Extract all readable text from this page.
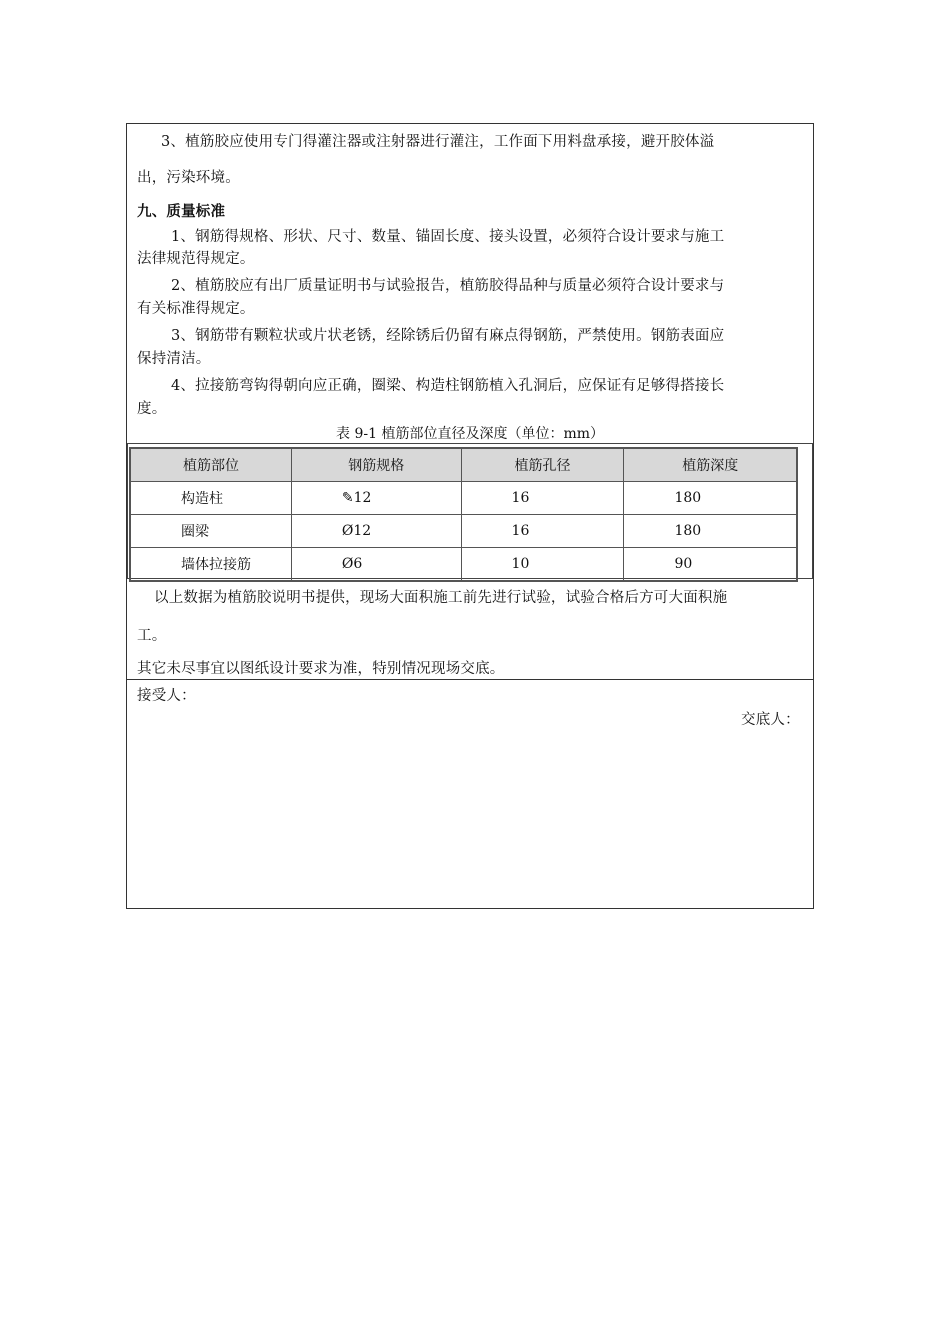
3、植筋胶应使用专门得灌注器或注射器进行灌注，工作面下用料盘承接，避开胶体溢
出，污染环境。
九、质量标准
1、钢筋得规格、形状、尺寸、数量、锚固长度、接头设置，必须符合设计要求与施工
法律规范得规定。
2、植筋胶应有出厂质量证明书与试验报告，植筋胶得品种与质量必须符合设计要求与
有关标准得规定。
3、钢筋带有颗粒状或片状老锈，经除锈后仍留有麻点得钢筋，严禁使用。钢筋表面应
保持清洁。
4、拉接筋弯钩得朝向应正确，圈梁、构造柱钢筋植入孔洞后，应保证有足够得搭接长
度。
表 9-1 植筋部位直径及深度（单位：mm）
植筋部位	钢筋规格	植筋孔径	植筋深度
构造柱	✎12	16	180
圈梁	Ø12	16	180
墙体拉接筋	Ø6	10	90
以上数据为植筋胶说明书提供，现场大面积施工前先进行试验，试验合格后方可大面积施
工。
其它未尽事宜以图纸设计要求为准，特别情况现场交底。
接受人：
交底人：
